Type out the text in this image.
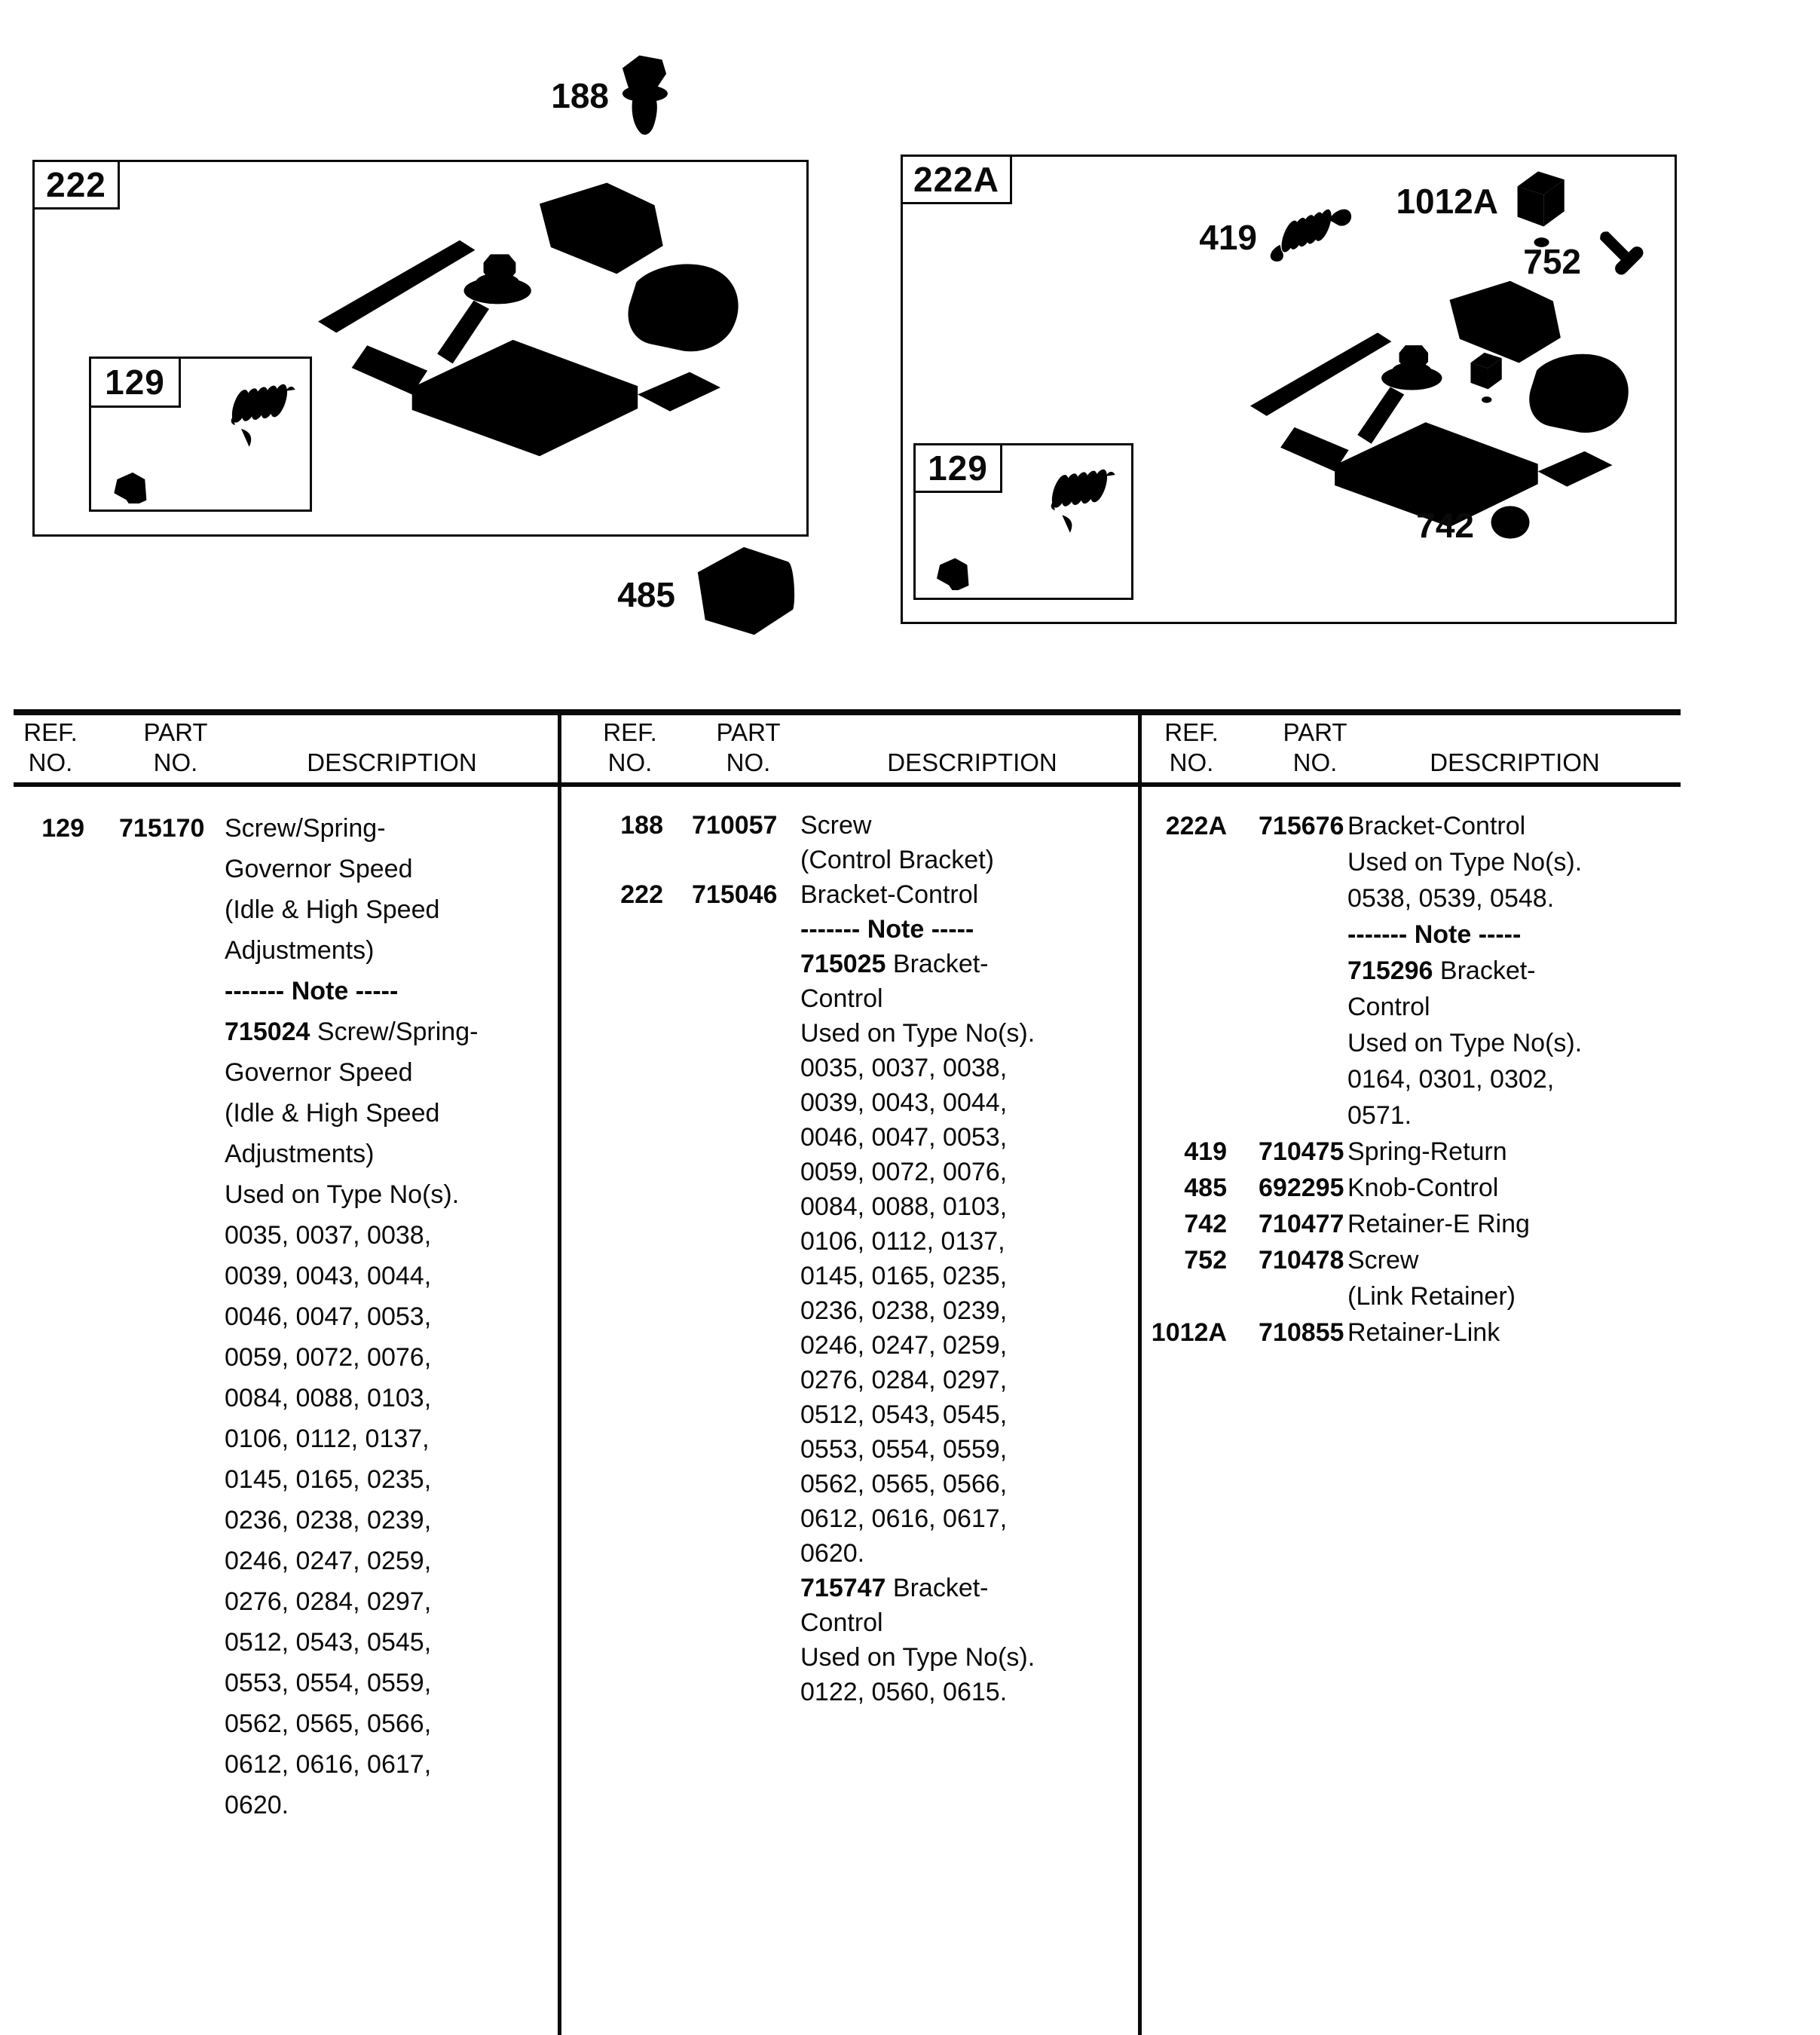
188
222
129
485
222A
419
1012A
752
742
129
REF.
NO.
PART
NO.	DESCRIPTION
REF.
NO.
PART
NO.	DESCRIPTION
REF.
NO.
PART
NO.	DESCRIPTION
129 715170 Screw/Spring-
Governor Speed
(Idle & High Speed
Adjustments)
------- Note -----
715024 Screw/Spring-
Governor Speed
(Idle & High Speed
Adjustments)
Used on Type No(s).
0035, 0037, 0038,
0039, 0043, 0044,
0046, 0047, 0053,
0059, 0072, 0076,
0084, 0088, 0103,
0106, 0112, 0137,
0145, 0165, 0235,
0236, 0238, 0239,
0246, 0247, 0259,
0276, 0284, 0297,
0512, 0543, 0545,
0553, 0554, 0559,
0562, 0565, 0566,
0612, 0616, 0617,
0620.
188 710057 Screw
(Control Bracket)
222 715046 Bracket-Control
------- Note -----
715025 Bracket-
Control
Used on Type No(s).
0035, 0037, 0038,
0039, 0043, 0044,
0046, 0047, 0053,
0059, 0072, 0076,
0084, 0088, 0103,
0106, 0112, 0137,
0145, 0165, 0235,
0236, 0238, 0239,
0246, 0247, 0259,
0276, 0284, 0297,
0512, 0543, 0545,
0553, 0554, 0559,
0562, 0565, 0566,
0612, 0616, 0617,
0620.
715747 Bracket-
Control
Used on Type No(s).
0122, 0560, 0615.
222A 715676 Bracket-Control
Used on Type No(s).
0538, 0539, 0548.
------- Note -----
715296 Bracket-
Control
Used on Type No(s).
0164, 0301, 0302,
0571.
419 710475 Spring-Return
485 692295 Knob-Control
742 710477 Retainer-E Ring
752 710478 Screw
(Link Retainer)
1012A 710855 Retainer-Link
